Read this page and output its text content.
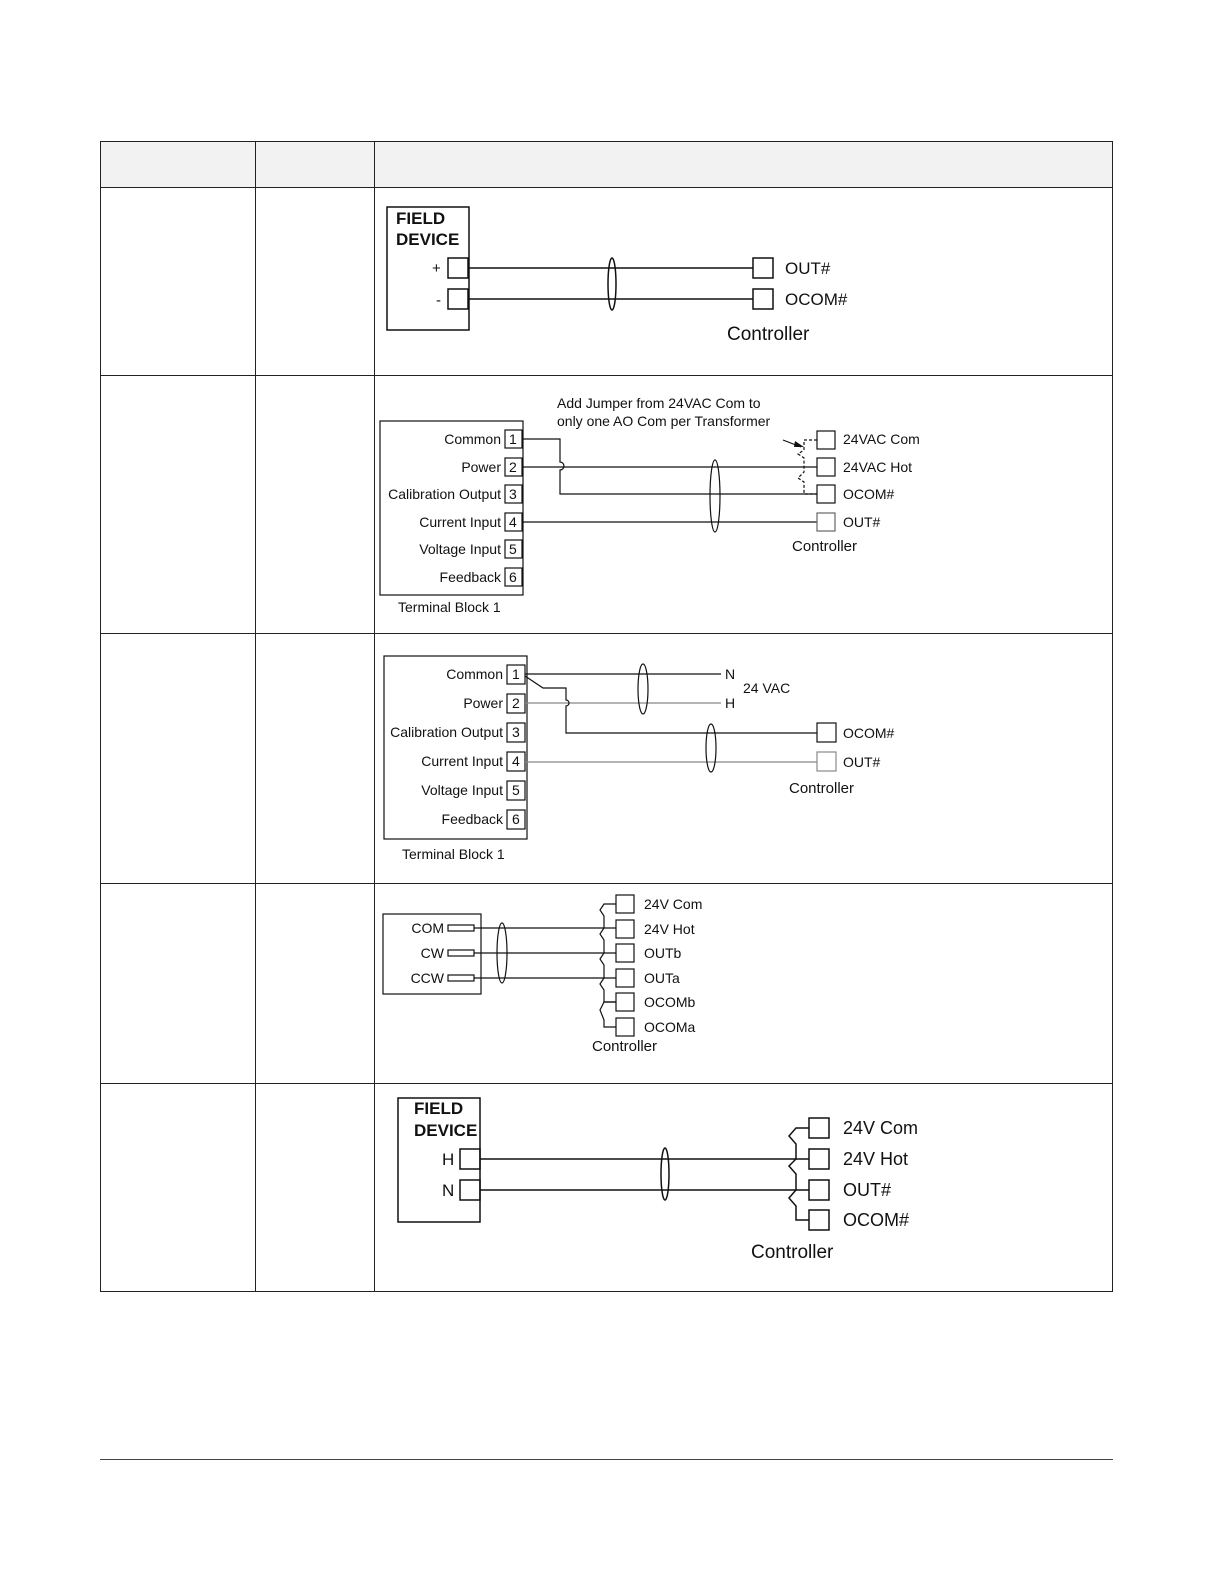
FIELD
DEVICE
+
-
OUT#
OCOM#
Controller
Add Jumper from 24VAC Com to
only one AO Com per Transformer
Common
Power
Calibration Output
Current Input
Voltage Input
Feedback
1
2
3
4
5
6
Terminal Block 1
24VAC Com
24VAC Hot
OCOM#
OUT#
Controller
Common
Power
Calibration Output
Current Input
Voltage Input
Feedback
1
2
3
4
5
6
Terminal Block 1
N
H
24 VAC
OCOM#
OUT#
Controller
COM
CW
CCW
24V Com
24V Hot
OUTb
OUTa
OCOMb
OCOMa
Controller
FIELD
DEVICE
H
N
24V Com
24V Hot
OUT#
OCOM#
Controller
